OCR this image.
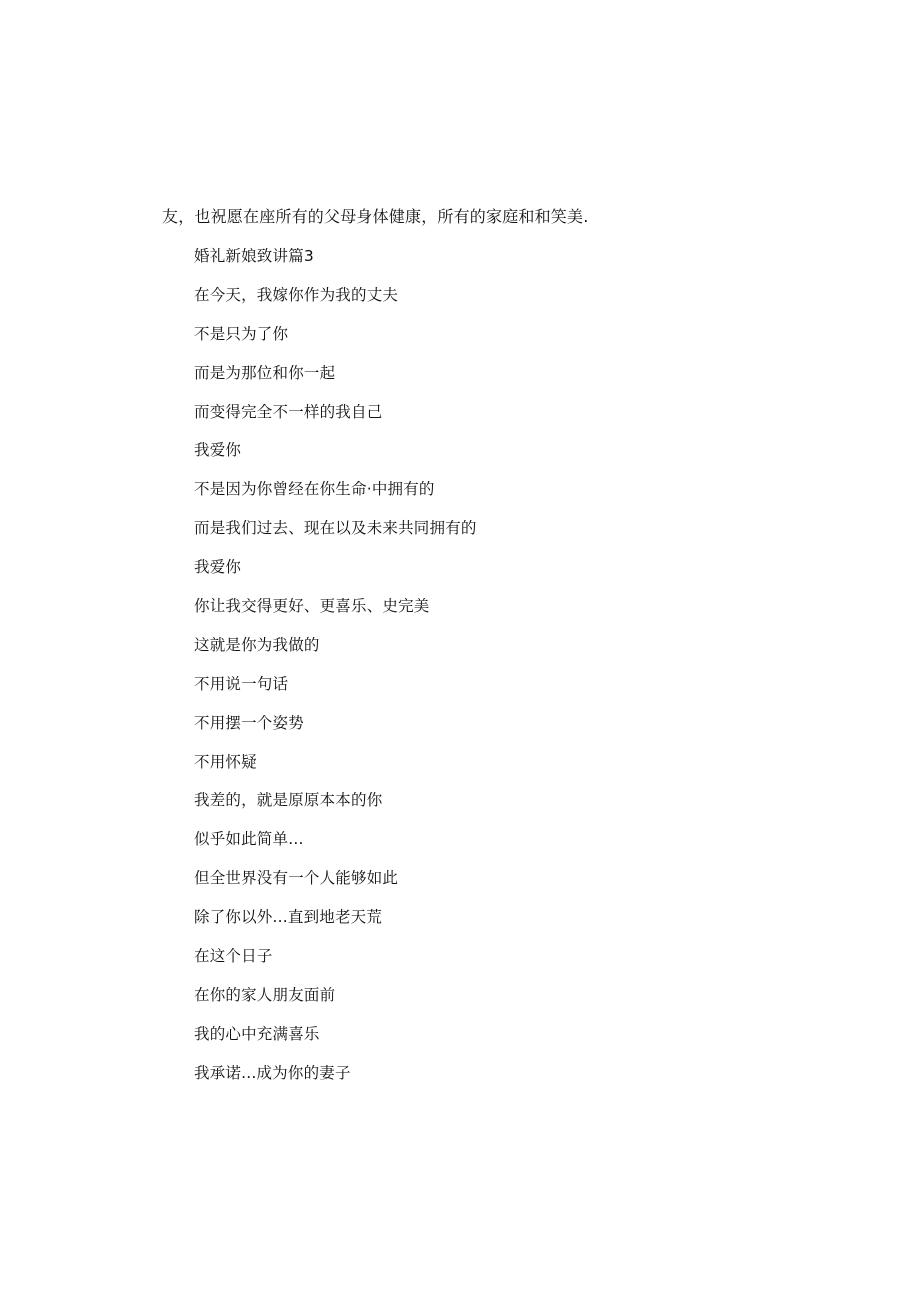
友，也祝愿在座所有的父母身体健康，所有的家庭和和笑美.
婚礼新娘致讲篇3
在今天，我嫁你作为我的丈夫
不是只为了你
而是为那位和你一起
而变得完全不一样的我自己
我爱你
不是因为你曾经在你生命·中拥有的
而是我们过去、现在以及未来共同拥有的
我爱你
你让我交得更好、更喜乐、史完美
这就是你为我做的
不用说一句话
不用摆一个姿势
不用怀疑
我差的，就是原原本本的你
似乎如此简单...
但全世界没有一个人能够如此
除了你以外...直到地老天荒
在这个日子
在你的家人朋友面前
我的心中充满喜乐
我承诺...成为你的妻子
